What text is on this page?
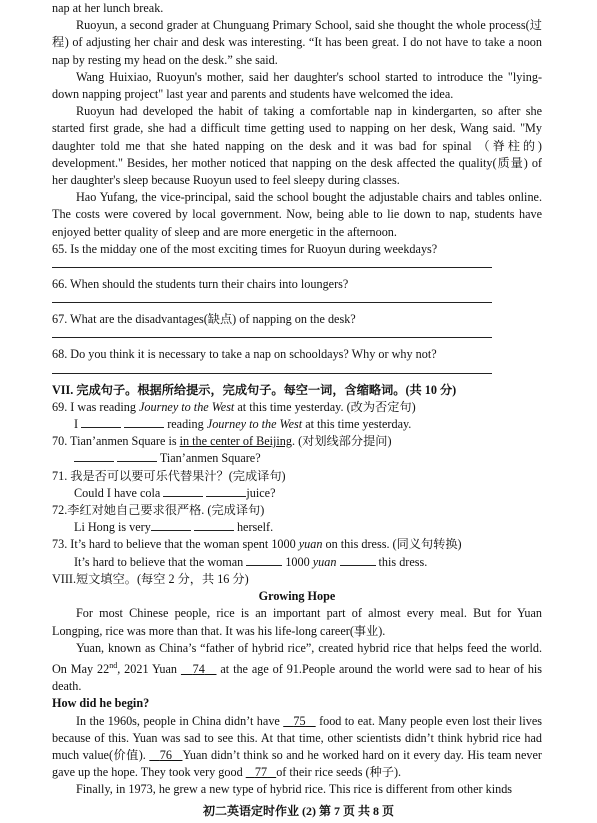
nap at her lunch break.

Ruoyun, a second grader at Chunguang Primary School, said she thought the whole process(过程) of adjusting her chair and desk was interesting. “It has been great. I do not have to take a noon nap by resting my head on the desk.” she said.

Wang Huixiao, Ruoyun's mother, said her daughter's school started to introduce the "lying-down napping project" last year and parents and students have welcomed the idea.

Ruoyun had developed the habit of taking a comfortable nap in kindergarten, so after she started first grade, she had a difficult time getting used to napping on her desk, Wang said. "My daughter told me that she hated napping on the desk and it was bad for spinal （脊柱的) development." Besides, her mother noticed that napping on the desk affected the quality(质量) of her daughter's sleep because Ruoyun used to feel sleepy during classes.

Hao Yufang, the vice-principal, said the school bought the adjustable chairs and tables online. The costs were covered by local government. Now, being able to lie down to nap, students have enjoyed better quality of sleep and are more energetic in the afternoon.

65. Is the midday one of the most exciting times for Ruoyun during weekdays?

66. When should the students turn their chairs into loungers?

67. What are the disadvantages(缺点) of napping on the desk?

68. Do you think it is necessary to take a nap on schooldays? Why or why not?

VII. 完成句子。根据所给提示，完成句子。每空一词，含缩略词。(共 10 分)

69. I was reading Journey to the West at this time yesterday. (改为否定句)

I	reading Journey to the West at this time yesterday.

70. Tian’anmen Square is in the center of Beijing. (对划线部分提问)

Tian’anmen Square?

71. 我是否可以要可乐代替果汁？(完成译句)

Could I have cola	juice?

72.李红对她自己要求很严格. (完成译句)

Li Hong is very	herself.

73. It’s hard to believe that the woman spent 1000 yuan on this dress. (同义句转换)

It’s hard to believe that the woman	1000 yuan	this dress.

VIII.短文填空。(每空 2 分，共 16 分)

Growing Hope

For most Chinese people, rice is an important part of almost every meal. But for Yuan Longping, rice was more than that. It was his life-long career(事业).

Yuan, known as China’s “father of hybrid rice”, created hybrid rice that helps feed the world. On May 22nd, 2021 Yuan 74    at the age of 91.People around the world were sad to hear of his death.

How did he begin?

In the 1960s, people in China didn’t have 75    food to eat. Many people even lost their lives because of this. Yuan was sad to see this. At that time, other scientists didn’t think hybrid rice had much value(价值). 76 Yuan didn’t think so and he worked hard on it every day. His team never gave up the hope. They took very good 77 of their rice seeds (种子).

Finally, in 1973, he grew a new type of hybrid rice. This rice is different from other kinds

初二英语定时作业 (2) 第 7 页 共 8 页
